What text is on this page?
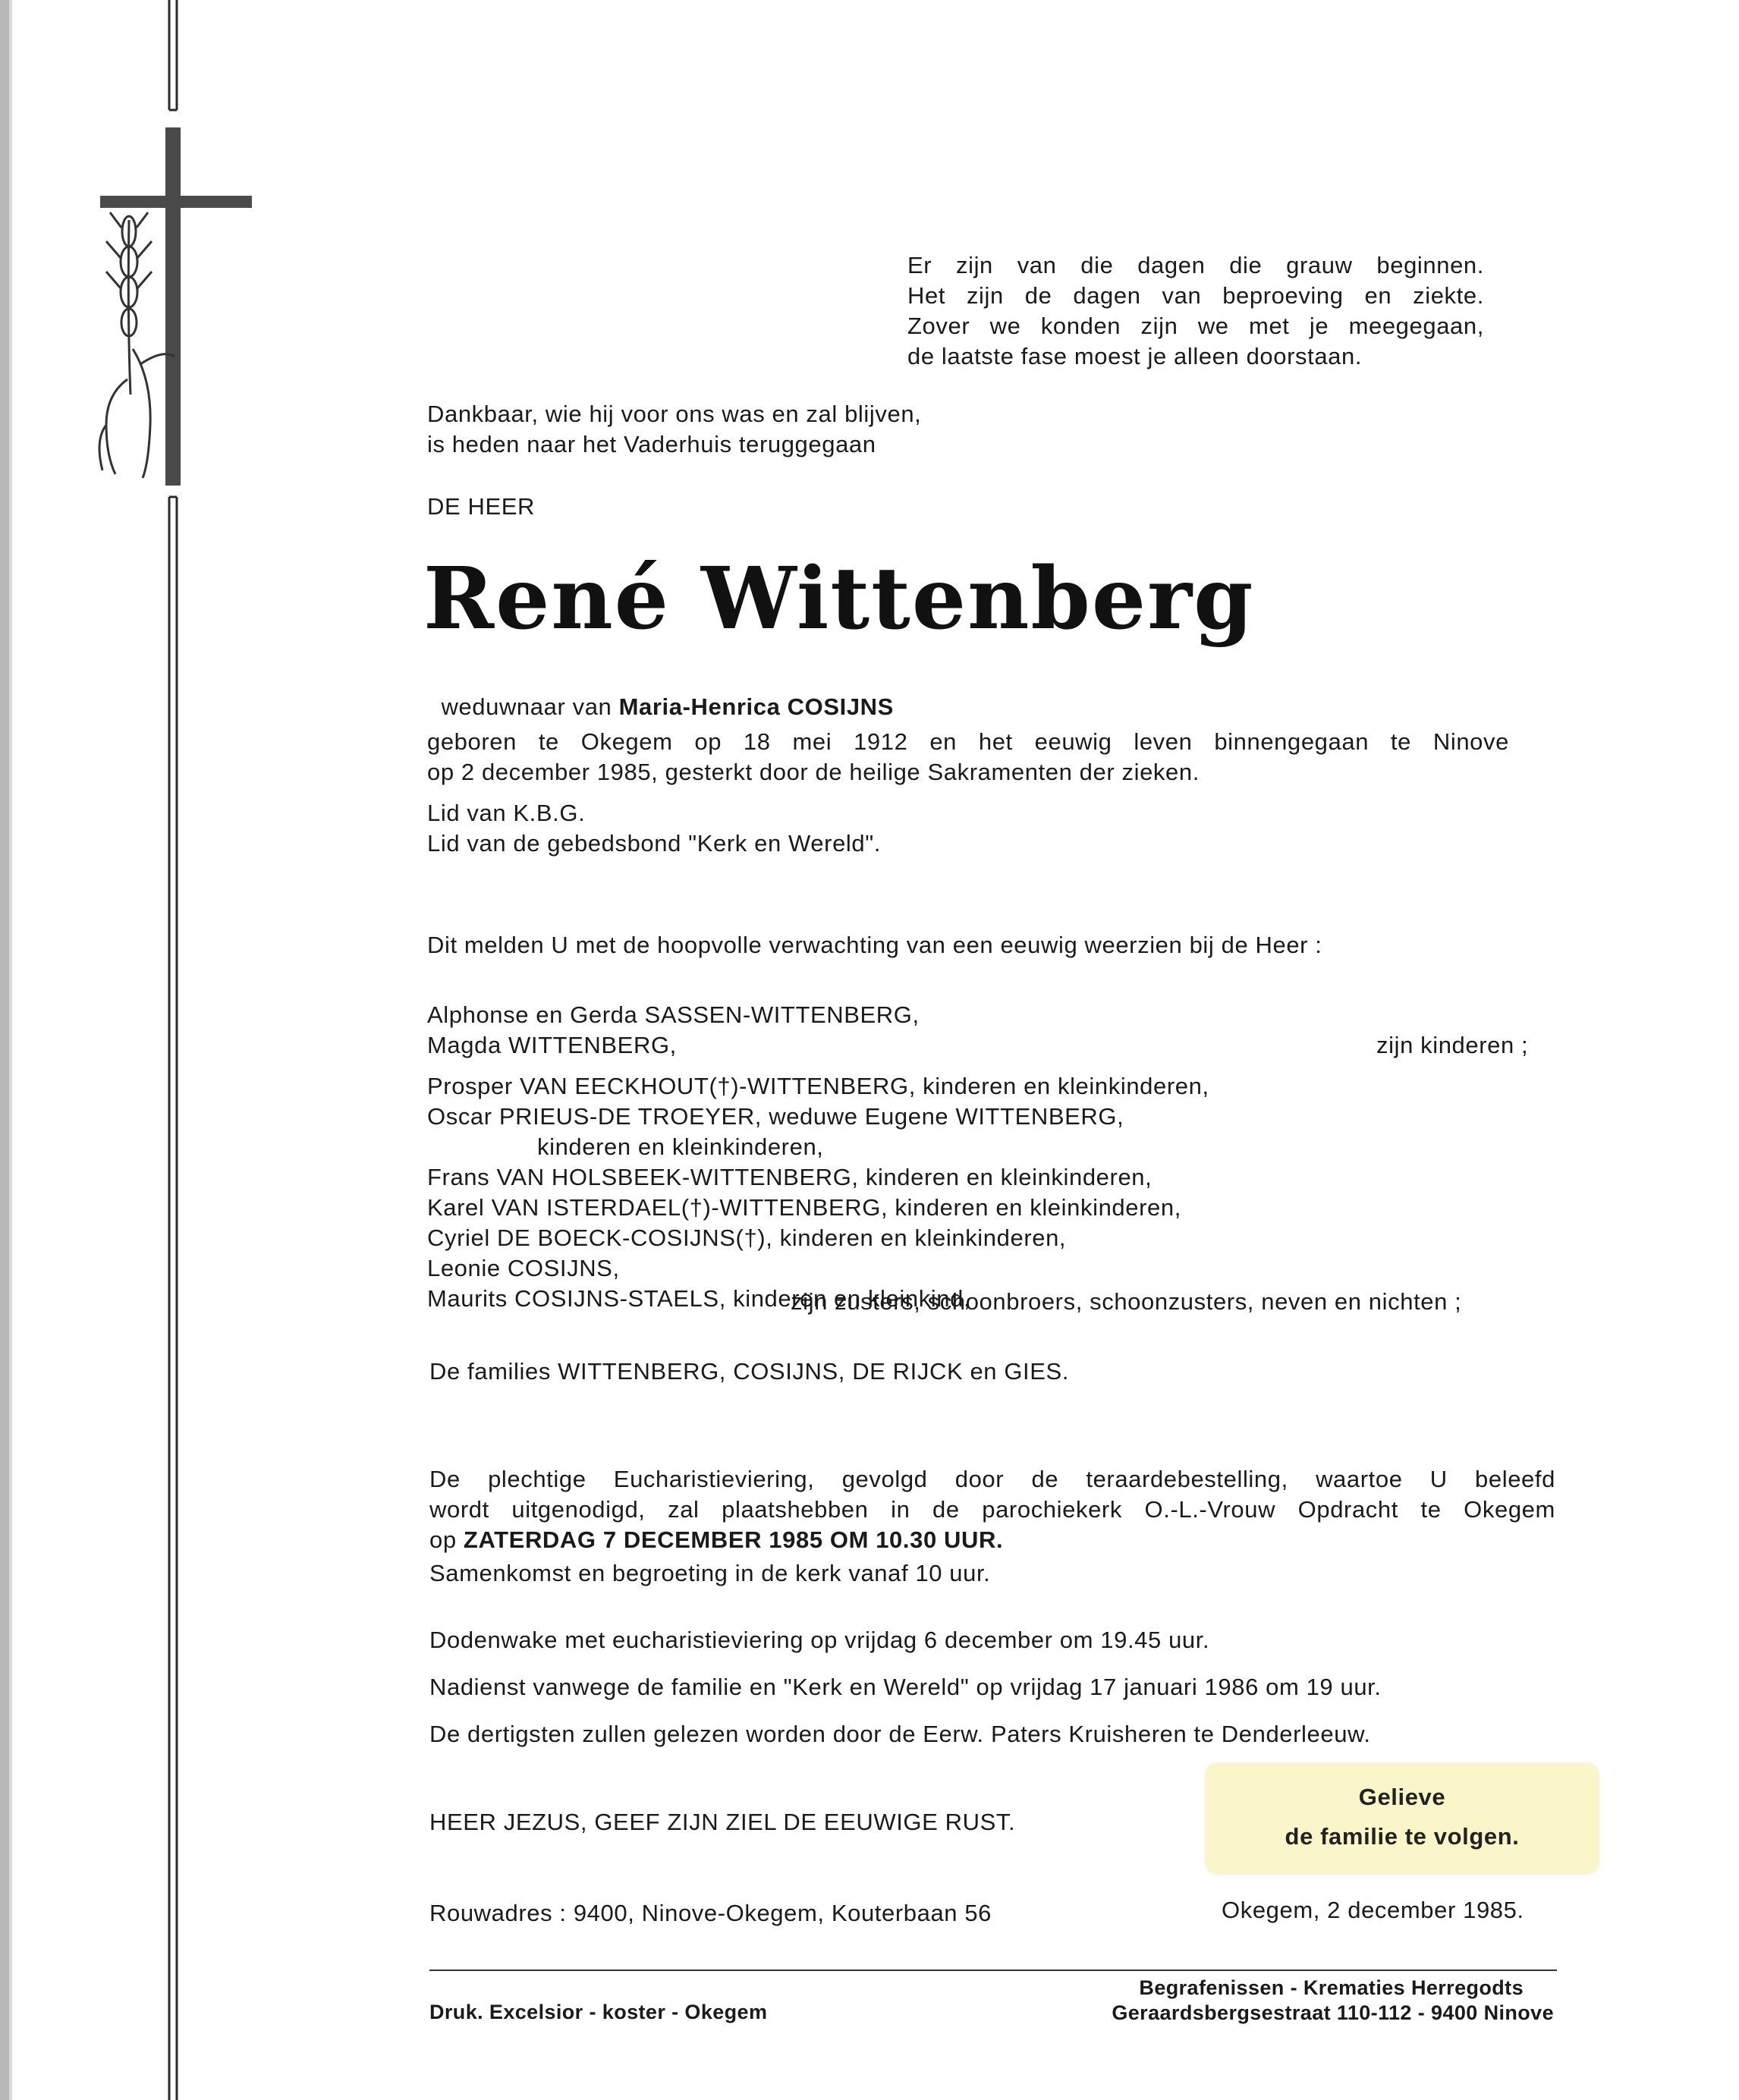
Er zijn van die dagen die grauw beginnen.
Het zijn de dagen van beproeving en ziekte.
Zover we konden zijn we met je meegegaan,
de laatste fase moest je alleen doorstaan.
Dankbaar, wie hij voor ons was en zal blijven,
is heden naar het Vaderhuis teruggegaan
DE HEER
René Wittenberg

weduwnaar van Maria-Henrica COSIJNS

geboren te Okegem op 18 mei 1912 en het eeuwig leven binnengegaan te Ninove
op 2 december 1985, gesterkt door de heilige Sakramenten der zieken.
Lid van K.B.G.
Lid van de gebedsbond "Kerk en Wereld".
Dit melden U met de hoopvolle verwachting van een eeuwig weerzien bij de Heer :
Alphonse en Gerda SASSEN-WITTENBERG,
Magda WITTENBERG,	zijn kinderen ;
Prosper VAN EECKHOUT(†)-WITTENBERG, kinderen en kleinkinderen,
Oscar PRIEUS-DE TROEYER, weduwe Eugene WITTENBERG,
kinderen en kleinkinderen,
Frans VAN HOLSBEEK-WITTENBERG, kinderen en kleinkinderen,
Karel VAN ISTERDAEL(†)-WITTENBERG, kinderen en kleinkinderen,
Cyriel DE BOECK-COSIJNS(†), kinderen en kleinkinderen,
Leonie COSIJNS,
Maurits COSIJNS-STAELS, kinderen en kleinkind,
zijn zusters, schoonbroers, schoonzusters, neven en nichten ;
De families WITTENBERG, COSIJNS, DE RIJCK en GIES.
De plechtige Eucharistieviering, gevolgd door de teraardebestelling, waartoe U beleefd
wordt uitgenodigd, zal plaatshebben in de parochiekerk O.-L.-Vrouw Opdracht te Okegem
op ZATERDAG 7 DECEMBER 1985 OM 10.30 UUR.
Samenkomst en begroeting in de kerk vanaf 10 uur.
Dodenwake met eucharistieviering op vrijdag 6 december om 19.45 uur.
Nadienst vanwege de familie en "Kerk en Wereld" op vrijdag 17 januari 1986 om 19 uur.
De dertigsten zullen gelezen worden door de Eerw. Paters Kruisheren te Denderleeuw.
HEER JEZUS, GEEF ZIJN ZIEL DE EEUWIGE RUST.
Gelieve
de familie te volgen.
Rouwadres : 9400, Ninove-Okegem, Kouterbaan 56	Okegem, 2 december 1985.
Druk. Excelsior - koster - Okegem
Begrafenissen - Krematies Herregodts
Geraardsbergsestraat 110-112 - 9400 Ninove
